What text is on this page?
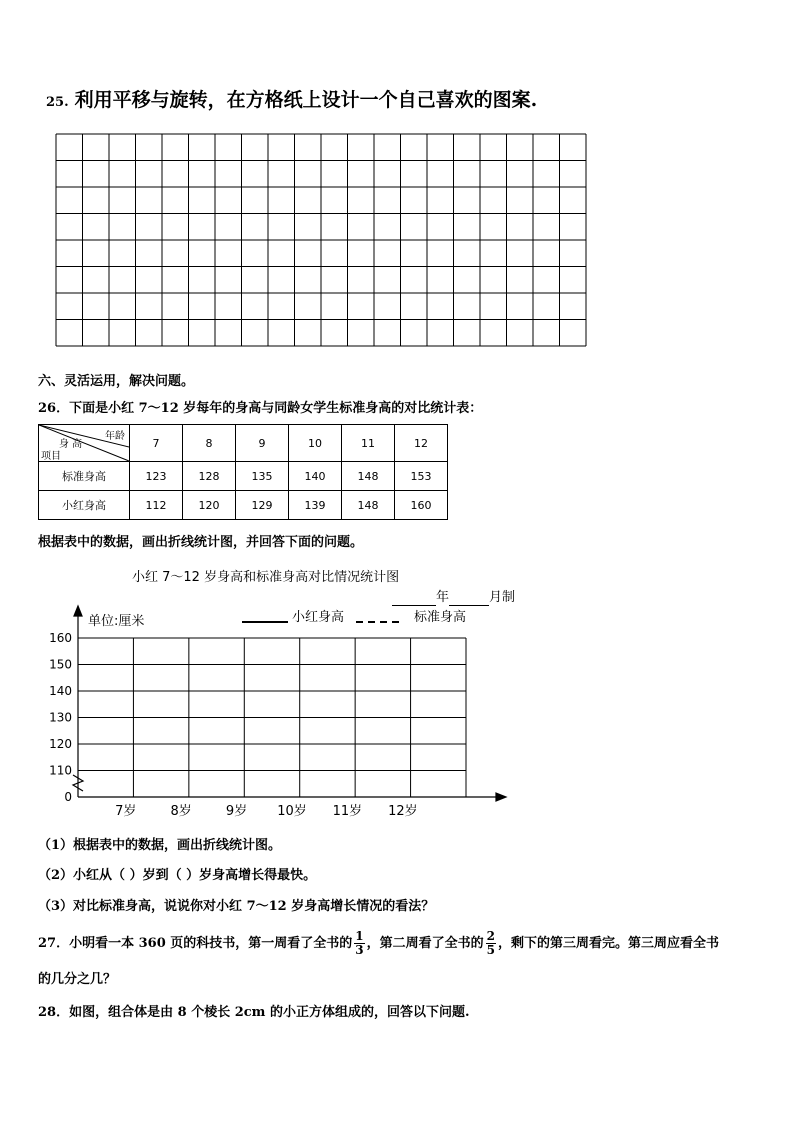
25. 利用平移与旋转，在方格纸上设计一个自己喜欢的图案.
六、灵活运用，解决问题。
26．下面是小红 7～12 岁每年的身高与同龄女学生标准身高的对比统计表：
年龄
身 高
项目	7	8	9	10	11	12
标准身高	123	128	135	140	148	153
小红身高	112	120	129	139	148	160
根据表中的数据，画出折线统计图，并回答下面的问题。
小红 7～12 岁身高和标准身高对比情况统计图
年	月制
0
110
120
130
140
150
160
7岁	8岁	9岁 10岁 11岁 12岁
单位:厘米	小红身高	标准身高
（1）根据表中的数据，画出折线统计图。
（2）小红从（ ）岁到（ ）岁身高增长得最快。
（3）对比标准身高，说说你对小红 7～12 岁身高增长情况的看法？
27．小明看一本 360 页的科技书，第一周看了全书的 $\frac{1}{3}$ ，第二周看了全书的 $\frac{2}{5}$ ，剩下的第三周看完。第三周应看全书
的几分之几？
28．如图，组合体是由 8 个棱长 2cm 的小正方体组成的，回答以下问题.
